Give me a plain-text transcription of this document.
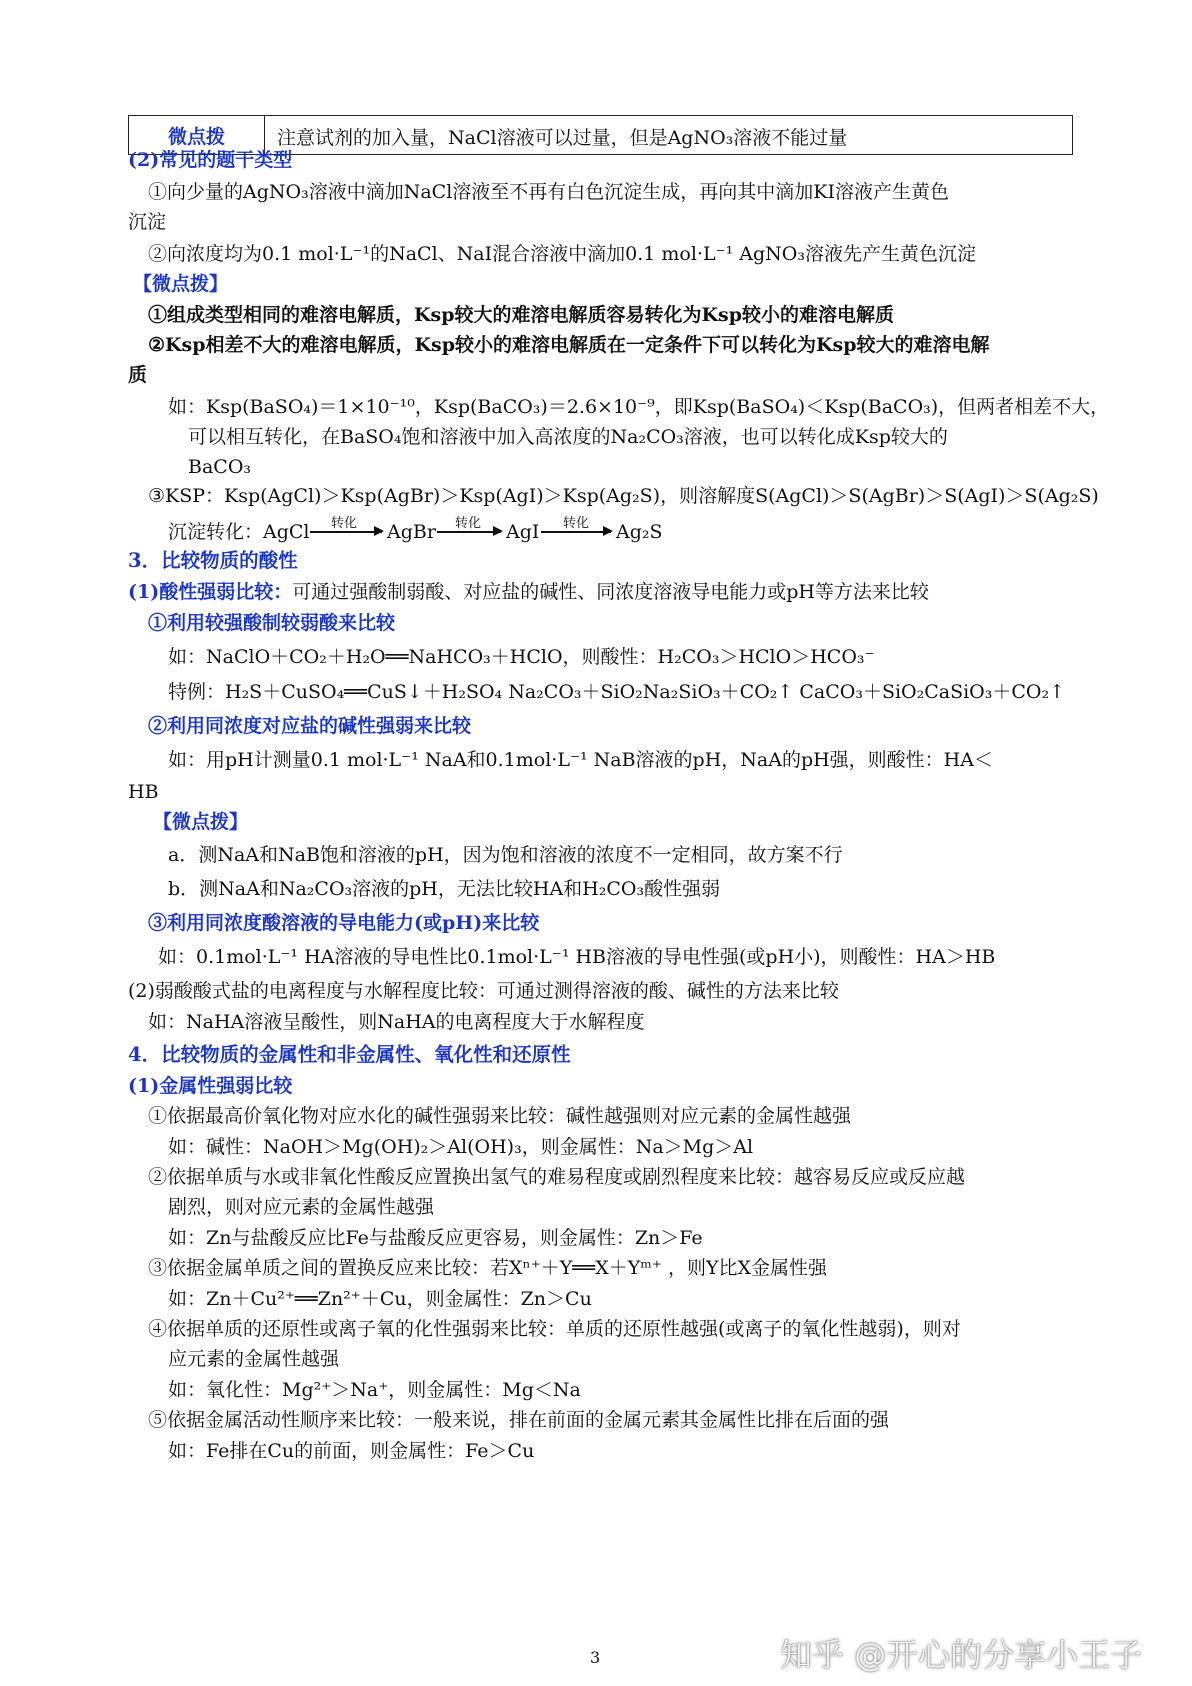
微点拨	注意试剂的加入量，NaCl溶液可以过量，但是AgNO₃溶液不能过量
(2)常见的题干类型
①向少量的AgNO₃溶液中滴加NaCl溶液至不再有白色沉淀生成，再向其中滴加KI溶液产生黄色
沉淀
②向浓度均为0.1 mol·L⁻¹的NaCl、NaI混合溶液中滴加0.1 mol·L⁻¹ AgNO₃溶液先产生黄色沉淀
【微点拨】
①组成类型相同的难溶电解质，Ksp较大的难溶电解质容易转化为Ksp较小的难溶电解质
②Ksp相差不大的难溶电解质，Ksp较小的难溶电解质在一定条件下可以转化为Ksp较大的难溶电解
质
如：Ksp(BaSO₄)＝1×10⁻¹⁰，Ksp(BaCO₃)＝2.6×10⁻⁹，即Ksp(BaSO₄)＜Ksp(BaCO₃)，但两者相差不大，
可以相互转化，在BaSO₄饱和溶液中加入高浓度的Na₂CO₃溶液，也可以转化成Ksp较大的
BaCO₃
③KSP：Ksp(AgCl)＞Ksp(AgBr)＞Ksp(AgI)＞Ksp(Ag₂S)，则溶解度S(AgCl)＞S(AgBr)＞S(AgI)＞S(Ag₂S)
沉淀转化：AgCl 转化 AgBr 转化 AgI 转化 Ag₂S
3．比较物质的酸性
(1)酸性强弱比较：可通过强酸制弱酸、对应盐的碱性、同浓度溶液导电能力或pH等方法来比较
①利用较强酸制较弱酸来比较
如：NaClO＋CO₂＋H₂O══NaHCO₃＋HClO，则酸性：H₂CO₃＞HClO＞HCO₃⁻
特例：H₂S＋CuSO₄══CuS↓＋H₂SO₄ Na₂CO₃＋SiO₂Na₂SiO₃＋CO₂↑ CaCO₃＋SiO₂CaSiO₃＋CO₂↑
②利用同浓度对应盐的碱性强弱来比较
如：用pH计测量0.1 mol·L⁻¹ NaA和0.1mol·L⁻¹ NaB溶液的pH，NaA的pH强，则酸性：HA＜
HB
【微点拨】
a．测NaA和NaB饱和溶液的pH，因为饱和溶液的浓度不一定相同，故方案不行
b．测NaA和Na₂CO₃溶液的pH，无法比较HA和H₂CO₃酸性强弱
③利用同浓度酸溶液的导电能力(或pH)来比较
如：0.1mol·L⁻¹ HA溶液的导电性比0.1mol·L⁻¹ HB溶液的导电性强(或pH小)，则酸性：HA＞HB
(2)弱酸酸式盐的电离程度与水解程度比较：可通过测得溶液的酸、碱性的方法来比较
如：NaHA溶液呈酸性，则NaHA的电离程度大于水解程度
4．比较物质的金属性和非金属性、氧化性和还原性
(1)金属性强弱比较
①依据最高价氧化物对应水化的碱性强弱来比较：碱性越强则对应元素的金属性越强
如：碱性：NaOH＞Mg(OH)₂＞Al(OH)₃，则金属性：Na＞Mg＞Al
②依据单质与水或非氧化性酸反应置换出氢气的难易程度或剧烈程度来比较：越容易反应或反应越
剧烈，则对应元素的金属性越强
如：Zn与盐酸反应比Fe与盐酸反应更容易，则金属性：Zn＞Fe
③依据金属单质之间的置换反应来比较：若Xⁿ⁺＋Y══X＋Yᵐ⁺ ，则Y比X金属性强
如：Zn＋Cu²⁺══Zn²⁺＋Cu，则金属性：Zn＞Cu
④依据单质的还原性或离子氧的化性强弱来比较：单质的还原性越强(或离子的氧化性越弱)，则对
应元素的金属性越强
如：氧化性：Mg²⁺＞Na⁺，则金属性：Mg＜Na
⑤依据金属活动性顺序来比较：一般来说，排在前面的金属元素其金属性比排在后面的强
如：Fe排在Cu的前面，则金属性：Fe＞Cu
3	知乎 @开心的分享小王子
